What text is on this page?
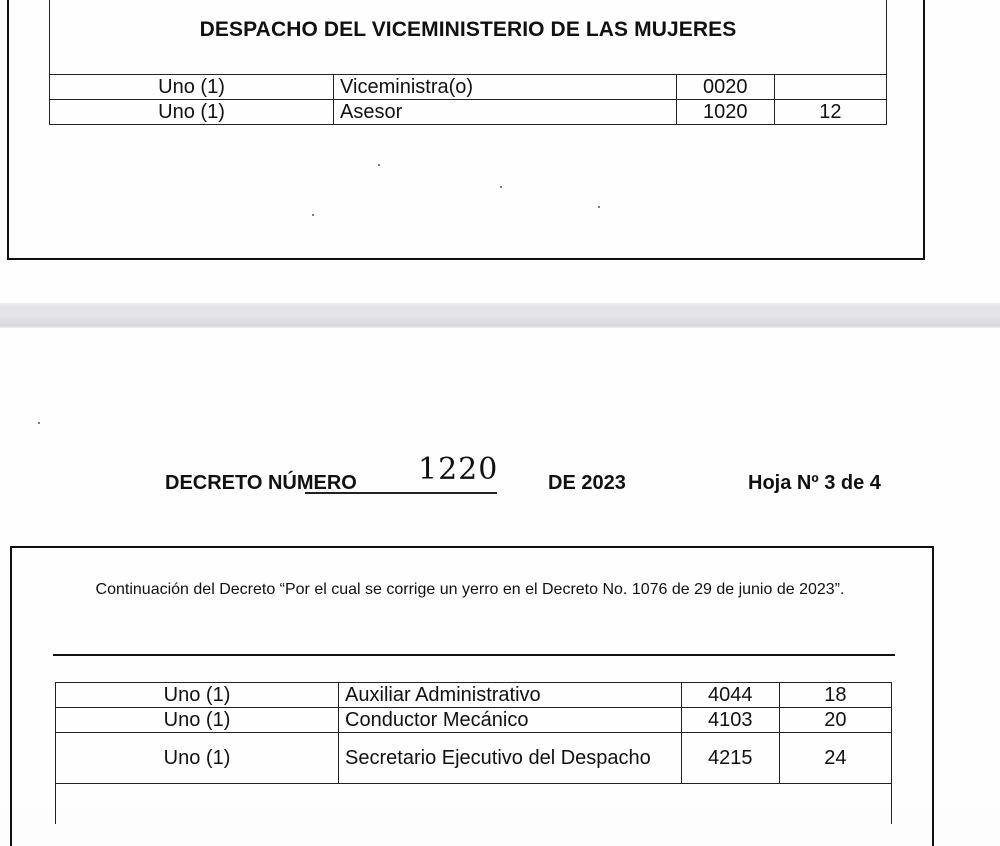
DESPACHO DEL VICEMINISTERIO DE LAS MUJERES
Uno (1)	Viceministra(o)	0020	
Uno (1)	Asesor	1020	12
DECRETO NÚMERO 1220 DE 2023	Hoja Nº 3 de 4
Continuación del Decreto “Por el cual se corrige un yerro en el Decreto No. 1076 de 29 de junio de 2023”.
Uno (1)	Auxiliar Administrativo	4044	18
Uno (1)	Conductor Mecánico	4103	20
Uno (1)	Secretario Ejecutivo del Despacho	4215	24
